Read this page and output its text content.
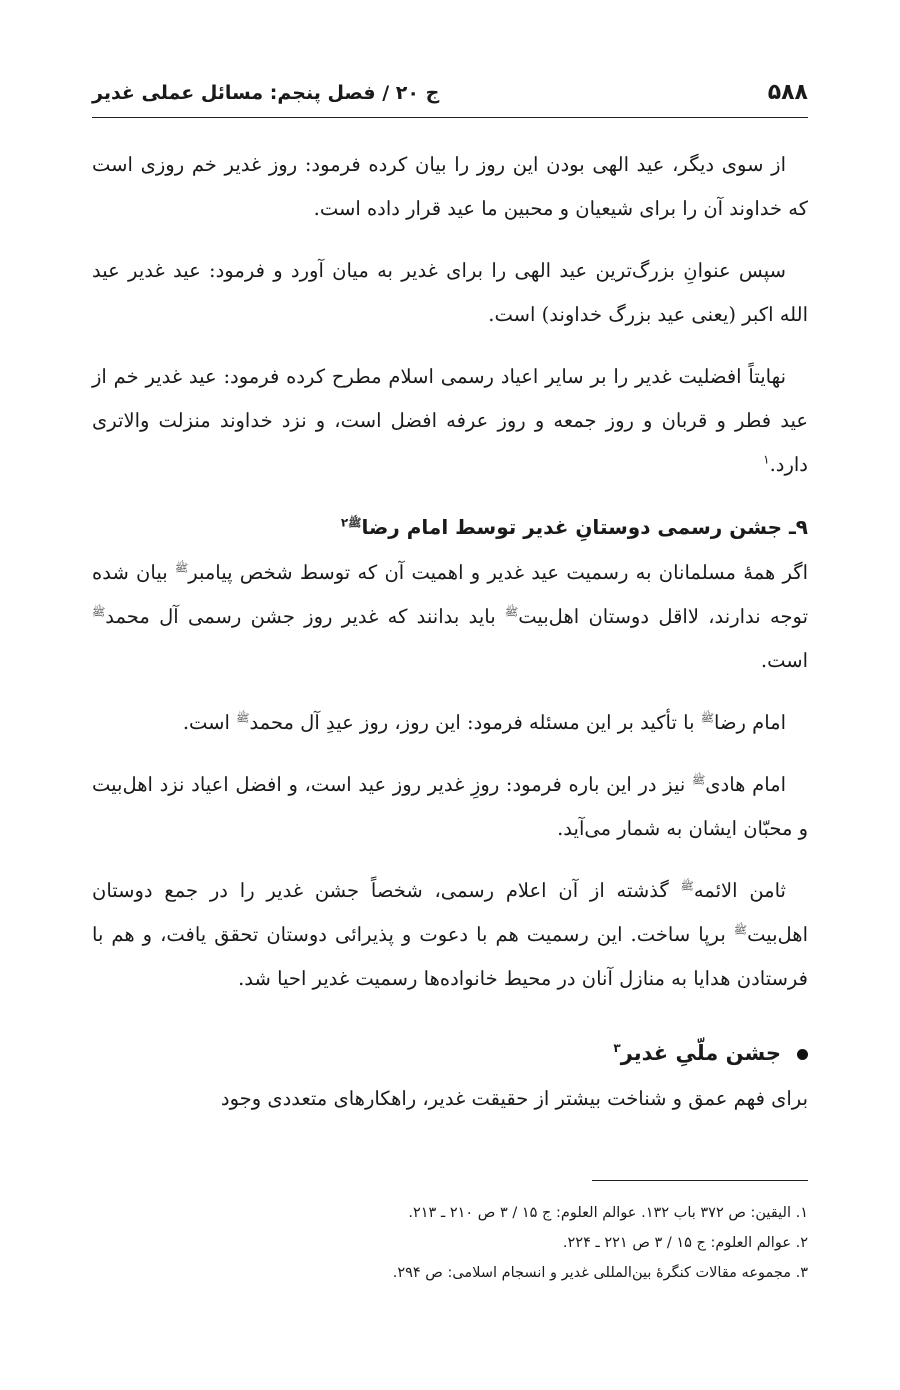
۵۸۸
ج ۲۰ / فصل پنجم: مسائل عملی غدیر

از سوی دیگر، عید الهی بودن این روز را بیان کرده فرمود: روز غدیر خم روزی است که خداوند آن را برای شیعیان و محبین ما عید قرار داده است.

سپس عنوانِ بزرگ‌ترین عید الهی را برای غدیر به میان آورد و فرمود: عید غدیر عید الله اکبر (یعنی عید بزرگ خداوند) است.

نهایتاً افضلیت غدیر را بر سایر اعیاد رسمی اسلام مطرح کرده فرمود: عید غدیر خم از عید فطر و قربان و روز جمعه و روز عرفه افضل است، و نزد خداوند منزلت والاتری دارد.$^۱$

۹ـ جشن رسمی دوستانِ غدیر توسط امام رضا$^{ﷺ۲}$

اگر همهٔ مسلمانان به رسمیت عید غدیر و اهمیت آن که توسط شخص پیامبر$^ﷺ$ بیان شده توجه ندارند، لااقل دوستان اهل‌بیت$^ﷺ$ باید بدانند که غدیر روز جشن رسمی آل محمد$^ﷺ$ است.

امام رضا$^ﷺ$ با تأکید بر این مسئله فرمود: این روز، روز عیدِ آل محمد$^ﷺ$ است.

امام هادی$^ﷺ$ نیز در این باره فرمود: روزِ غدیر روز عید است، و افضل اعیاد نزد اهل‌بیت و محبّان ایشان به شمار می‌آید.

ثامن الائمه$^ﷺ$ گذشته از آن اعلام رسمی، شخصاً جشن غدیر را در جمع دوستان اهل‌بیت$^ﷺ$ برپا ساخت. این رسمیت هم با دعوت و پذیرائی دوستان تحقق یافت، و هم با فرستادن هدایا به منازل آنان در محیط خانواده‌ها رسمیت غدیر احیا شد.

جشن ملّیِ غدیر$^۳$

برای فهم عمق و شناخت بیشتر از حقیقت غدیر، راهکارهای متعددی وجود

۱. الیقین: ص ۳۷۲ باب ۱۳۲. عوالم العلوم: ج ۱۵ / ۳ ص ۲۱۰ ـ ۲۱۳.

۲. عوالم العلوم: ج ۱۵ / ۳ ص ۲۲۱ ـ ۲۲۴.

۳. مجموعه مقالات کنگرهٔ بین‌المللی غدیر و انسجام اسلامی: ص ۲۹۴.
